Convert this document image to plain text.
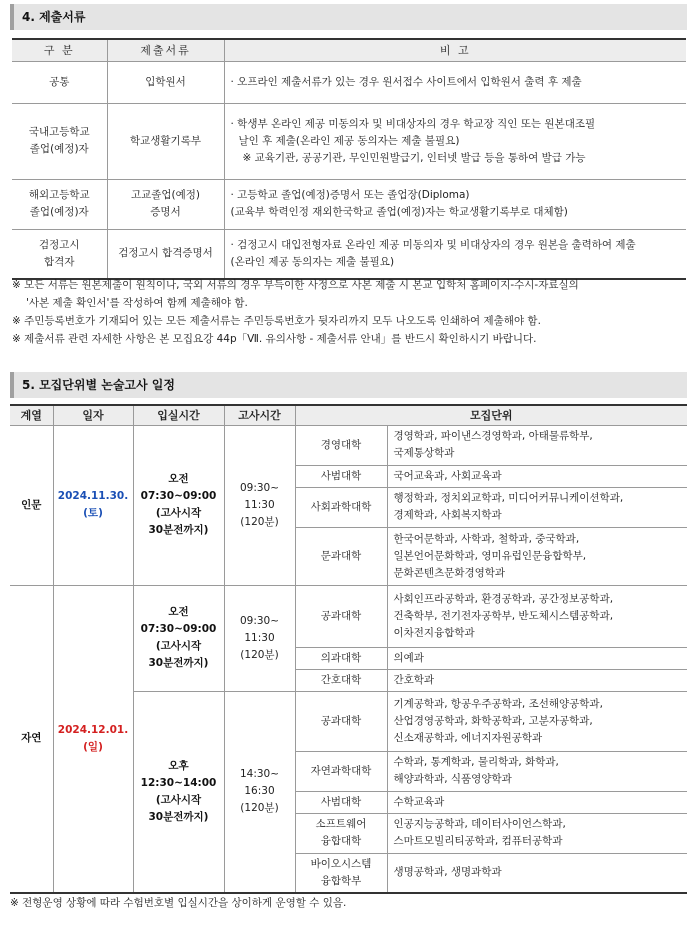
4. 제출서류
구 분	제출서류	비 고

공통	입학원서	· 오프라인 제출서류가 있는 경우 원서접수 사이트에서 입학원서 출력 후 제출

국내고등학교
졸업(예정)자	학교생활기록부	· 학생부 온라인 제공 미동의자 및 비대상자의 경우 학교장 직인 또는 원본대조필
날인 후 제출(온라인 제공 동의자는 제출 불필요)
※ 교육기관, 공공기관, 무인민원발급기, 인터넷 발급 등을 통하여 발급 가능

해외고등학교
졸업(예정)자	고교졸업(예정)
증명서	· 고등학교 졸업(예정)증명서 또는 졸업장(Diploma)
(교육부 학력인정 재외한국학교 졸업(예정)자는 학교생활기록부로 대체함)

검정고시
합격자	검정고시 합격증명서	· 검정고시 대입전형자료 온라인 제공 미동의자 및 비대상자의 경우 원본을 출력하여 제출
(온라인 제공 동의자는 제출 불필요)
※ 모든 서류는 원본제출이 원칙이나, 국외 서류의 경우 부득이한 사정으로 사본 제출 시 본교 입학처 홈페이지-수시-자료실의
'사본 제출 확인서'를 작성하여 함께 제출해야 함.
※ 주민등록번호가 기재되어 있는 모든 제출서류는 주민등록번호가 뒷자리까지 모두 나오도록 인쇄하여 제출해야 함.
※ 제출서류 관련 자세한 사항은 본 모집요강 44p「Ⅶ. 유의사항 - 제출서류 안내」를 반드시 확인하시기 바랍니다.
5. 모집단위별 논술고사 일정
계열	일자	입실시간	고사시간	모집단위	
인문	2024.11.30.
(토)	오전
07:30~09:00
(고사시작
30분전까지)	09:30~
11:30
(120분)	경영대학	경영학과, 파이낸스경영학과, 아태물류학부,
국제통상학과

				사범대학	국어교육과, 사회교육과

				사회과학대학	행정학과, 정치외교학과, 미디어커뮤니케이션학과,
경제학과, 사회복지학과

				문과대학	한국어문학과, 사학과, 철학과, 중국학과,
일본언어문화학과, 영미유럽인문융합학부,
문화콘텐츠문화경영학과

자연	2024.12.01.
(일)	오전
07:30~09:00
(고사시작
30분전까지)	09:30~
11:30
(120분)	공과대학	사회인프라공학과, 환경공학과, 공간정보공학과,
건축학부, 전기전자공학부, 반도체시스템공학과,
이차전지융합학과

				의과대학	의예과

				간호대학	간호학과

		오후
12:30~14:00
(고사시작
30분전까지)	14:30~
16:30
(120분)	공과대학	기계공학과, 항공우주공학과, 조선해양공학과,
산업경영공학과, 화학공학과, 고분자공학과,
신소재공학과, 에너지자원공학과

				자연과학대학	수학과, 통계학과, 물리학과, 화학과,
해양과학과, 식품영양학과

				사범대학	수학교육과

				소프트웨어
융합대학	인공지능공학과, 데이터사이언스학과,
스마트모빌리티공학과, 컴퓨터공학과

				바이오시스템
융합학부	생명공학과, 생명과학과
※ 전형운영 상황에 따라 수험번호별 입실시간을 상이하게 운영할 수 있음.
